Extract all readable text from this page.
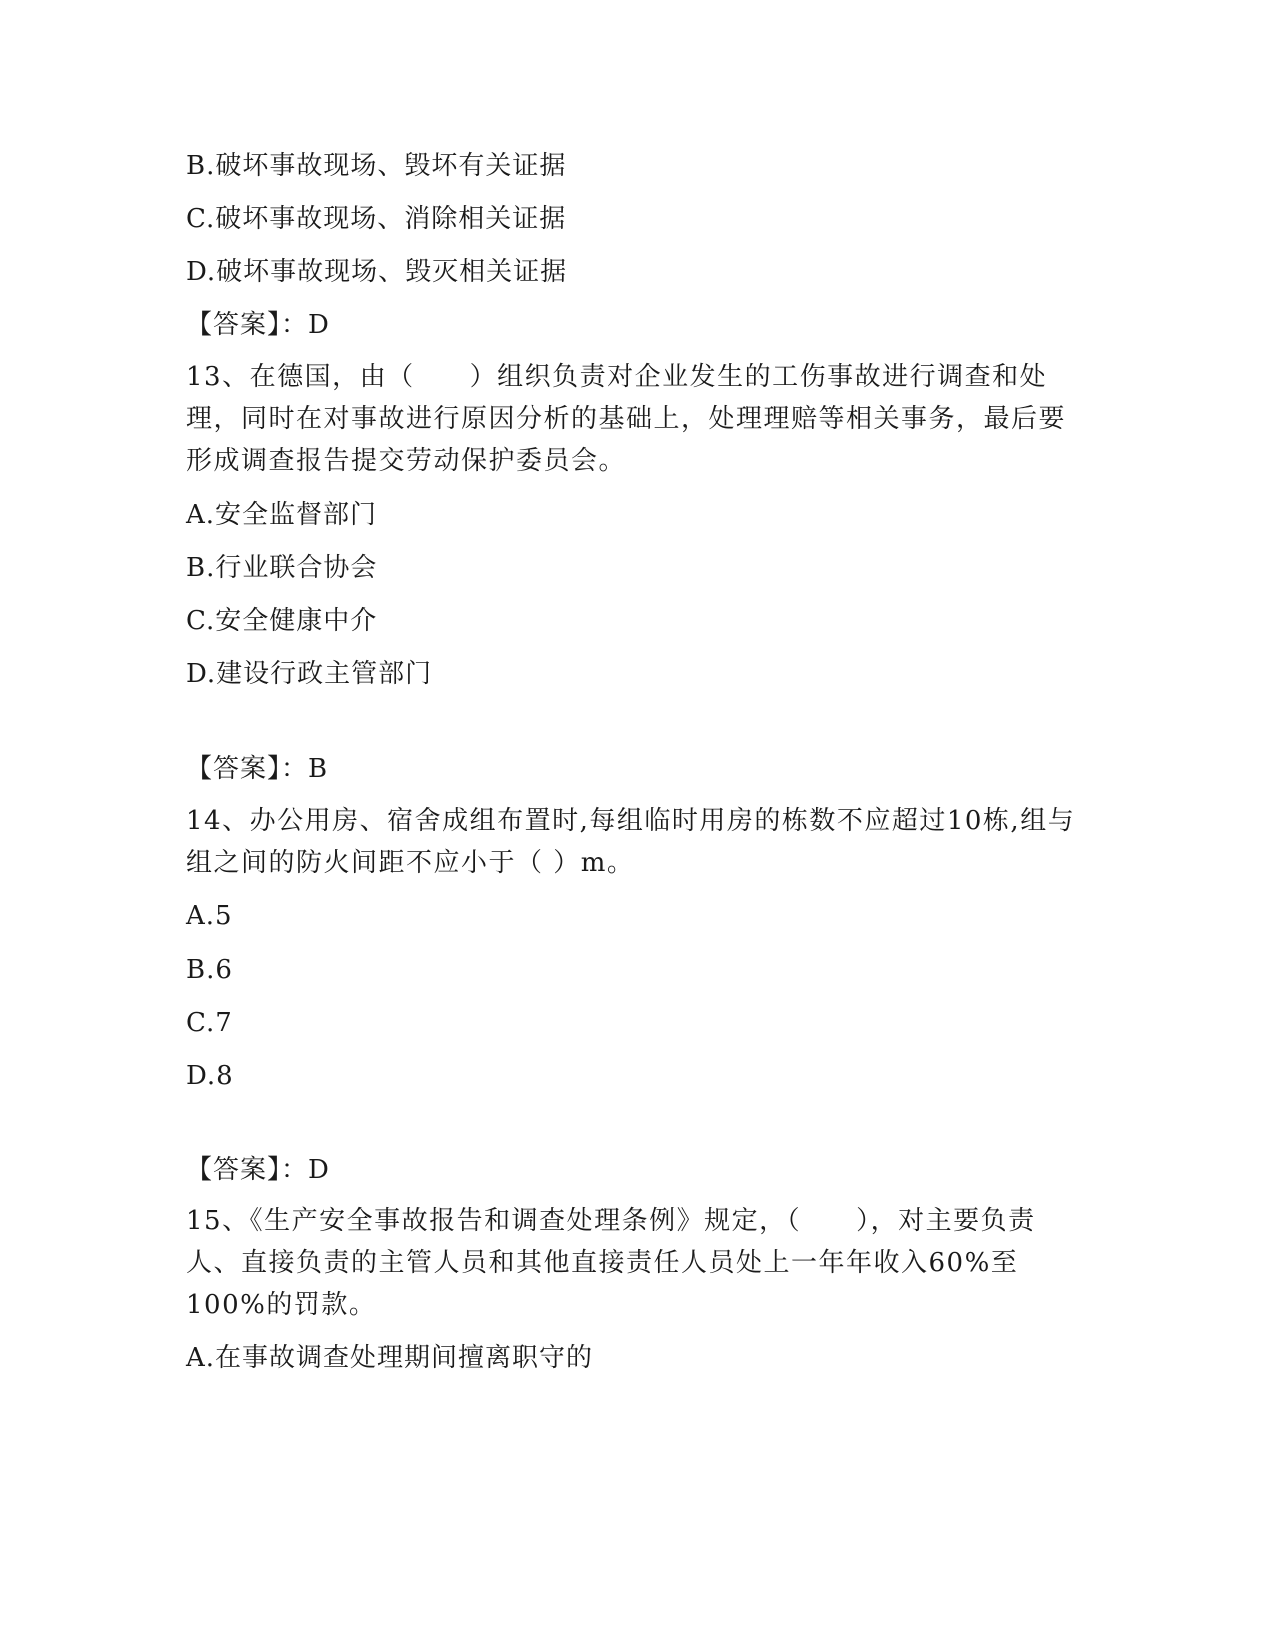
B.破坏事故现场、毁坏有关证据
C.破坏事故现场、消除相关证据
D.破坏事故现场、毁灭相关证据
【答案】：D
13、在德国，由（　　）组织负责对企业发生的工伤事故进行调查和处理，同时在对事故进行原因分析的基础上，处理理赔等相关事务，最后要形成调查报告提交劳动保护委员会。
A.安全监督部门
B.行业联合协会
C.安全健康中介
D.建设行政主管部门
【答案】：B
14、办公用房、宿舍成组布置时,每组临时用房的栋数不应超过10栋,组与组之间的防火间距不应小于（ ）m。
A.5
B.6
C.7
D.8
【答案】：D
15、《生产安全事故报告和调查处理条例》规定，（　　），对主要负责人、直接负责的主管人员和其他直接责任人员处上一年年收入60%至100%的罚款。
A.在事故调查处理期间擅离职守的
